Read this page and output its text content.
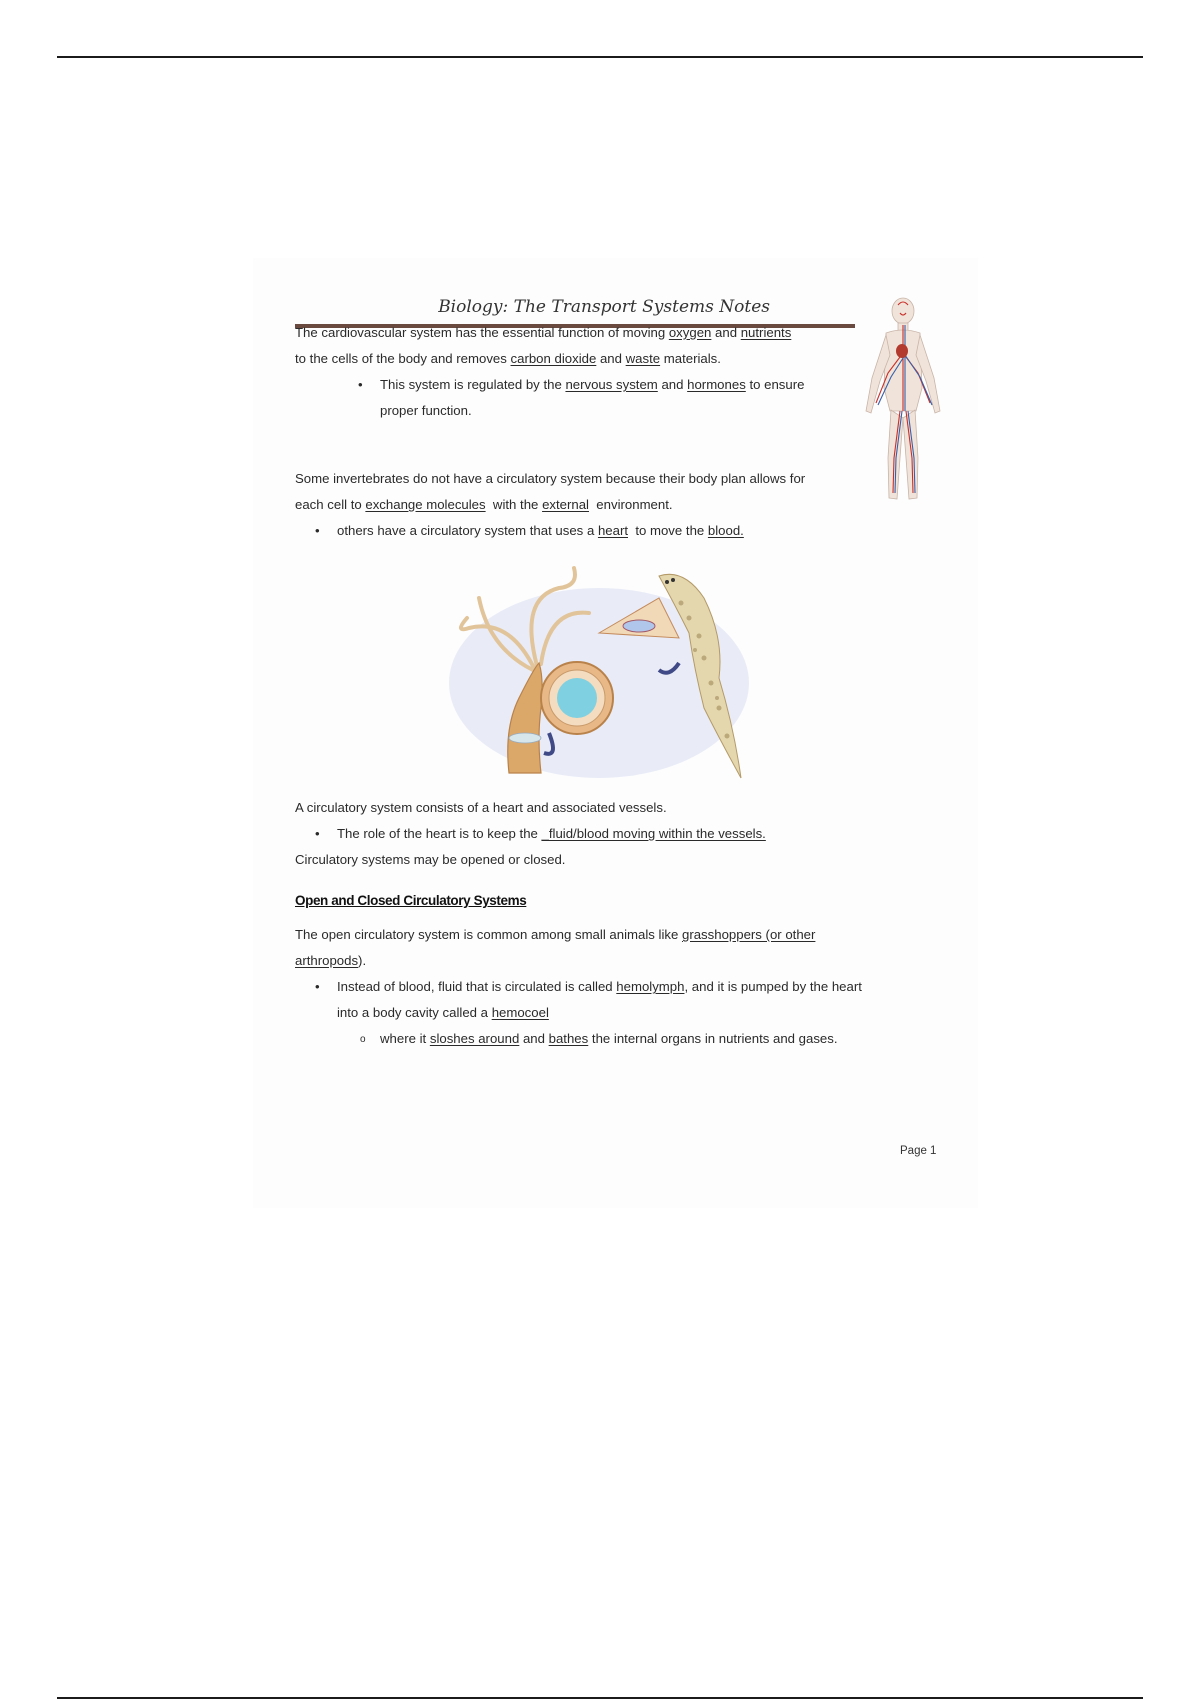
Biology: The Transport Systems Notes
The cardiovascular system has the essential function of moving oxygen and nutrients
to the cells of the body and removes carbon dioxide and waste materials.
• This system is regulated by the nervous system and hormones to ensure
proper function.
Some invertebrates do not have a circulatory system because their body plan allows for
each cell to exchange molecules  with the external  environment.
• others have a circulatory system that uses a heart  to move the blood.
A circulatory system consists of a heart and associated vessels.
• The role of the heart is to keep the _fluid/blood moving within the vessels.
Circulatory systems may be opened or closed.
Open and Closed Circulatory Systems
The open circulatory system is common among small animals like grasshoppers (or other
arthropods).
• Instead of blood, fluid that is circulated is called hemolymph, and it is pumped by the heart
into a body cavity called a hemocoel
o where it sloshes around and bathes the internal organs in nutrients and gases.
Page 1
